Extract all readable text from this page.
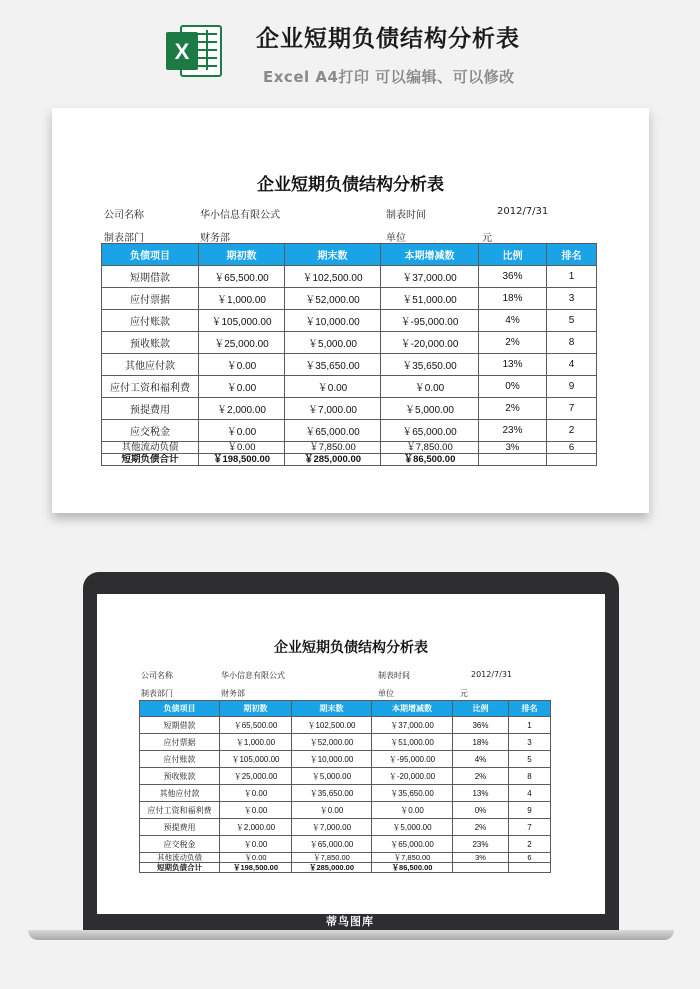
X	企业短期负债结构分析表
Excel A4打印 可以编辑、可以修改
企业短期负债结构分析表
公司名称	华小信息有限公式	制表时间	2012/7/31
制表部门	财务部	单位	元
负债项目	期初数	期末数	本期增减数	比例	排名
短期借款	￥65,500.00	￥102,500.00	￥37,000.00	36%	1
应付票据	￥1,000.00	￥52,000.00	￥51,000.00	18%	3
应付账款	￥105,000.00	￥10,000.00	￥-95,000.00	4%	5
预收账款	￥25,000.00	￥5,000.00	￥-20,000.00	2%	8
其他应付款	￥0.00	￥35,650.00	￥35,650.00	13%	4
应付工资和福利费	￥0.00	￥0.00	￥0.00	0%	9
预提费用	￥2,000.00	￥7,000.00	￥5,000.00	2%	7
应交税金	￥0.00	￥65,000.00	￥65,000.00	23%	2
其他流动负债	￥0.00	￥7,850.00	￥7,850.00	3%	6
短期负债合计	￥198,500.00	￥285,000.00	￥86,500.00		
企业短期负债结构分析表
公司名称	华小信息有限公式	制表时间	2012/7/31
制表部门	财务部	单位	元
负债项目	期初数	期末数	本期增减数	比例	排名
短期借款	￥65,500.00	￥102,500.00	￥37,000.00	36%	1
应付票据	￥1,000.00	￥52,000.00	￥51,000.00	18%	3
应付账款	￥105,000.00	￥10,000.00	￥-95,000.00	4%	5
预收账款	￥25,000.00	￥5,000.00	￥-20,000.00	2%	8
其他应付款	￥0.00	￥35,650.00	￥35,650.00	13%	4
应付工资和福利费	￥0.00	￥0.00	￥0.00	0%	9
预提费用	￥2,000.00	￥7,000.00	￥5,000.00	2%	7
应交税金	￥0.00	￥65,000.00	￥65,000.00	23%	2
其他流动负债	￥0.00	￥7,850.00	￥7,850.00	3%	6
短期负债合计	￥198,500.00	￥285,000.00	￥86,500.00		
蒂鸟图库
